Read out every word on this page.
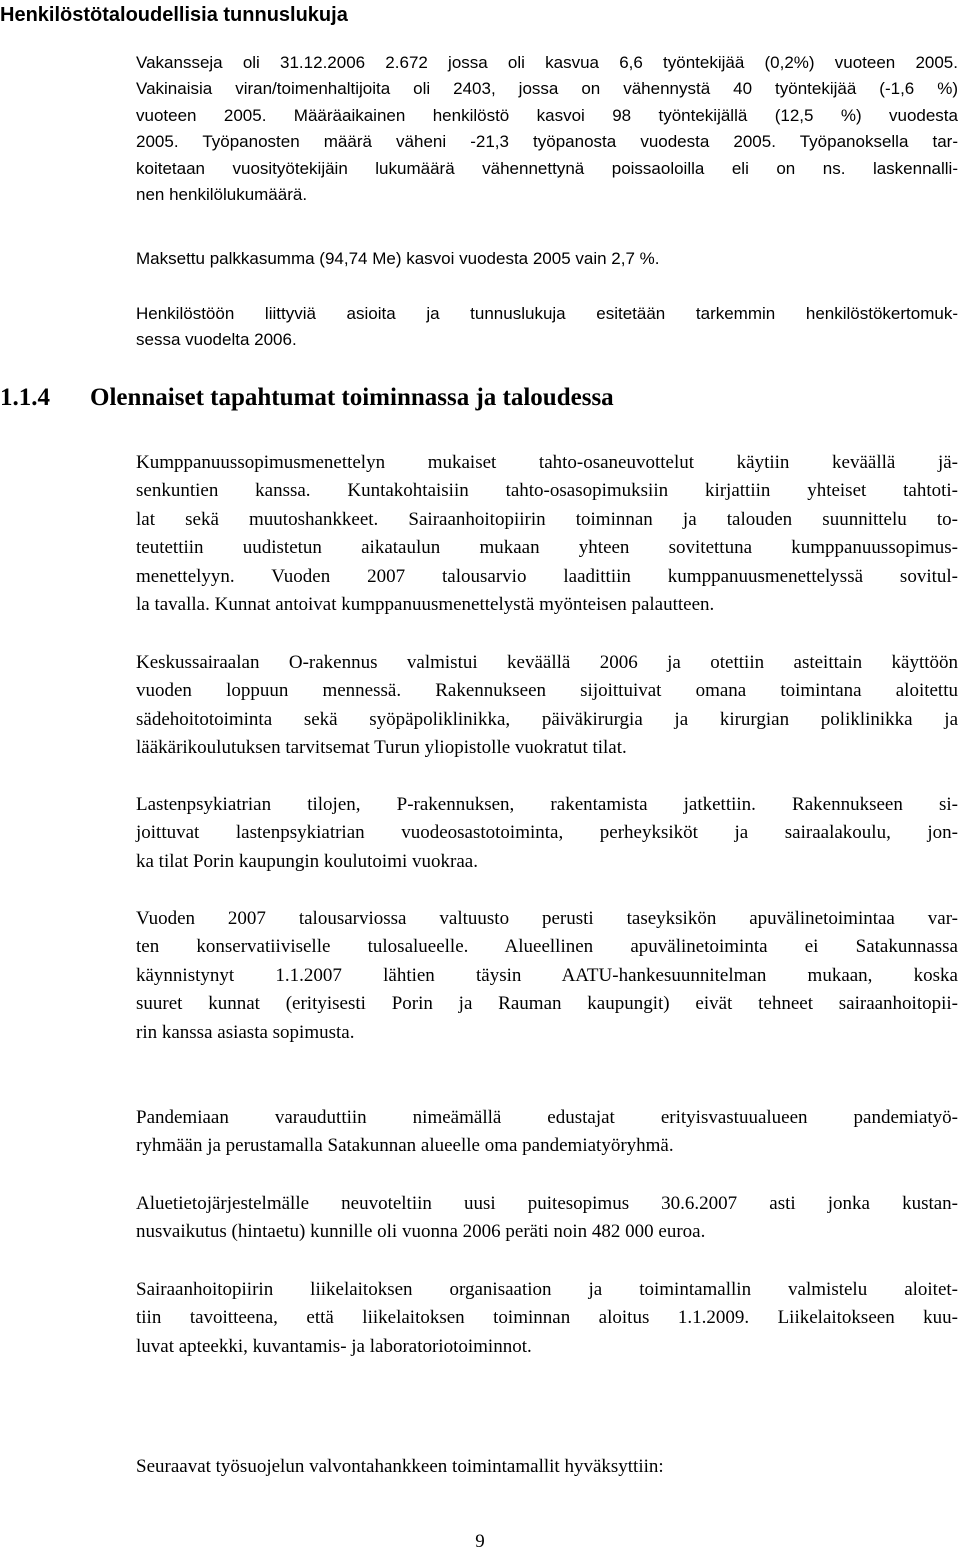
Henkilöstötaloudellisia tunnuslukuja

Vakansseja oli 31.12.2006 2.672 jossa oli kasvua 6,6 työntekijää (0,2%) vuoteen 2005.
Vakinaisia viran/toimenhaltijoita oli 2403, jossa on vähennystä 40 työntekijää (-1,6 %)
vuoteen 2005. Määräaikainen henkilöstö kasvoi 98 työntekijällä (12,5 %) vuodesta
2005. Työpanosten määrä väheni -21,3 työpanosta vuodesta 2005. Työpanoksella tar-
koitetaan vuosityötekijäin lukumäärä vähennettynä poissaoloilla eli on ns. laskennalli-
nen henkilölukumäärä.

Maksettu palkkasumma (94,74 Me) kasvoi vuodesta 2005 vain 2,7 %.

Henkilöstöön liittyviä asioita ja tunnuslukuja esitetään tarkemmin henkilöstökertomuk-
sessa vuodelta 2006.

1.1.4 Olennaiset tapahtumat toiminnassa ja taloudessa

Kumppanuussopimusmenettelyn mukaiset tahto-osaneuvottelut käytiin keväällä jä-
senkuntien kanssa. Kuntakohtaisiin tahto-osasopimuksiin kirjattiin yhteiset tahtoti-
lat sekä muutoshankkeet. Sairaanhoitopiirin toiminnan ja talouden suunnittelu to-
teutettiin uudistetun aikataulun mukaan yhteen sovitettuna kumppanuussopimus-
menettelyyn. Vuoden 2007 talousarvio laadittiin kumppanuusmenettelyssä sovitul-
la tavalla. Kunnat antoivat kumppanuusmenettelystä myönteisen palautteen.

Keskussairaalan O-rakennus valmistui keväällä 2006 ja otettiin asteittain käyttöön
vuoden loppuun mennessä. Rakennukseen sijoittuivat omana toimintana aloitettu
sädehoitotoiminta sekä syöpäpoliklinikka, päiväkirurgia ja kirurgian poliklinikka ja
lääkärikoulutuksen tarvitsemat Turun yliopistolle vuokratut tilat.

Lastenpsykiatrian tilojen, P-rakennuksen, rakentamista jatkettiin. Rakennukseen si-
joittuvat lastenpsykiatrian vuodeosastotoiminta, perheyksiköt ja sairaalakoulu, jon-
ka tilat Porin kaupungin koulutoimi vuokraa.

Vuoden 2007 talousarviossa valtuusto perusti taseyksikön apuvälinetoimintaa var-
ten konservatiiviselle tulosalueelle. Alueellinen apuvälinetoiminta ei Satakunnassa
käynnistynyt 1.1.2007 lähtien täysin AATU-hankesuunnitelman mukaan, koska
suuret kunnat (erityisesti Porin ja Rauman kaupungit) eivät tehneet sairaanhoitopii-
rin kanssa asiasta sopimusta.

Pandemiaan varauduttiin nimeämällä edustajat erityisvastuualueen pandemiatyö-
ryhmään ja perustamalla Satakunnan alueelle oma pandemiatyöryhmä.

Aluetietojärjestelmälle neuvoteltiin uusi puitesopimus 30.6.2007 asti jonka kustan-
nusvaikutus (hintaetu) kunnille oli vuonna 2006 peräti noin 482 000 euroa.

Sairaanhoitopiirin liikelaitoksen organisaation ja toimintamallin valmistelu aloitet-
tiin tavoitteena, että liikelaitoksen toiminnan aloitus 1.1.2009. Liikelaitokseen kuu-
luvat apteekki, kuvantamis- ja laboratoriotoiminnot.

Seuraavat työsuojelun valvontahankkeen toimintamallit hyväksyttiin:

9
